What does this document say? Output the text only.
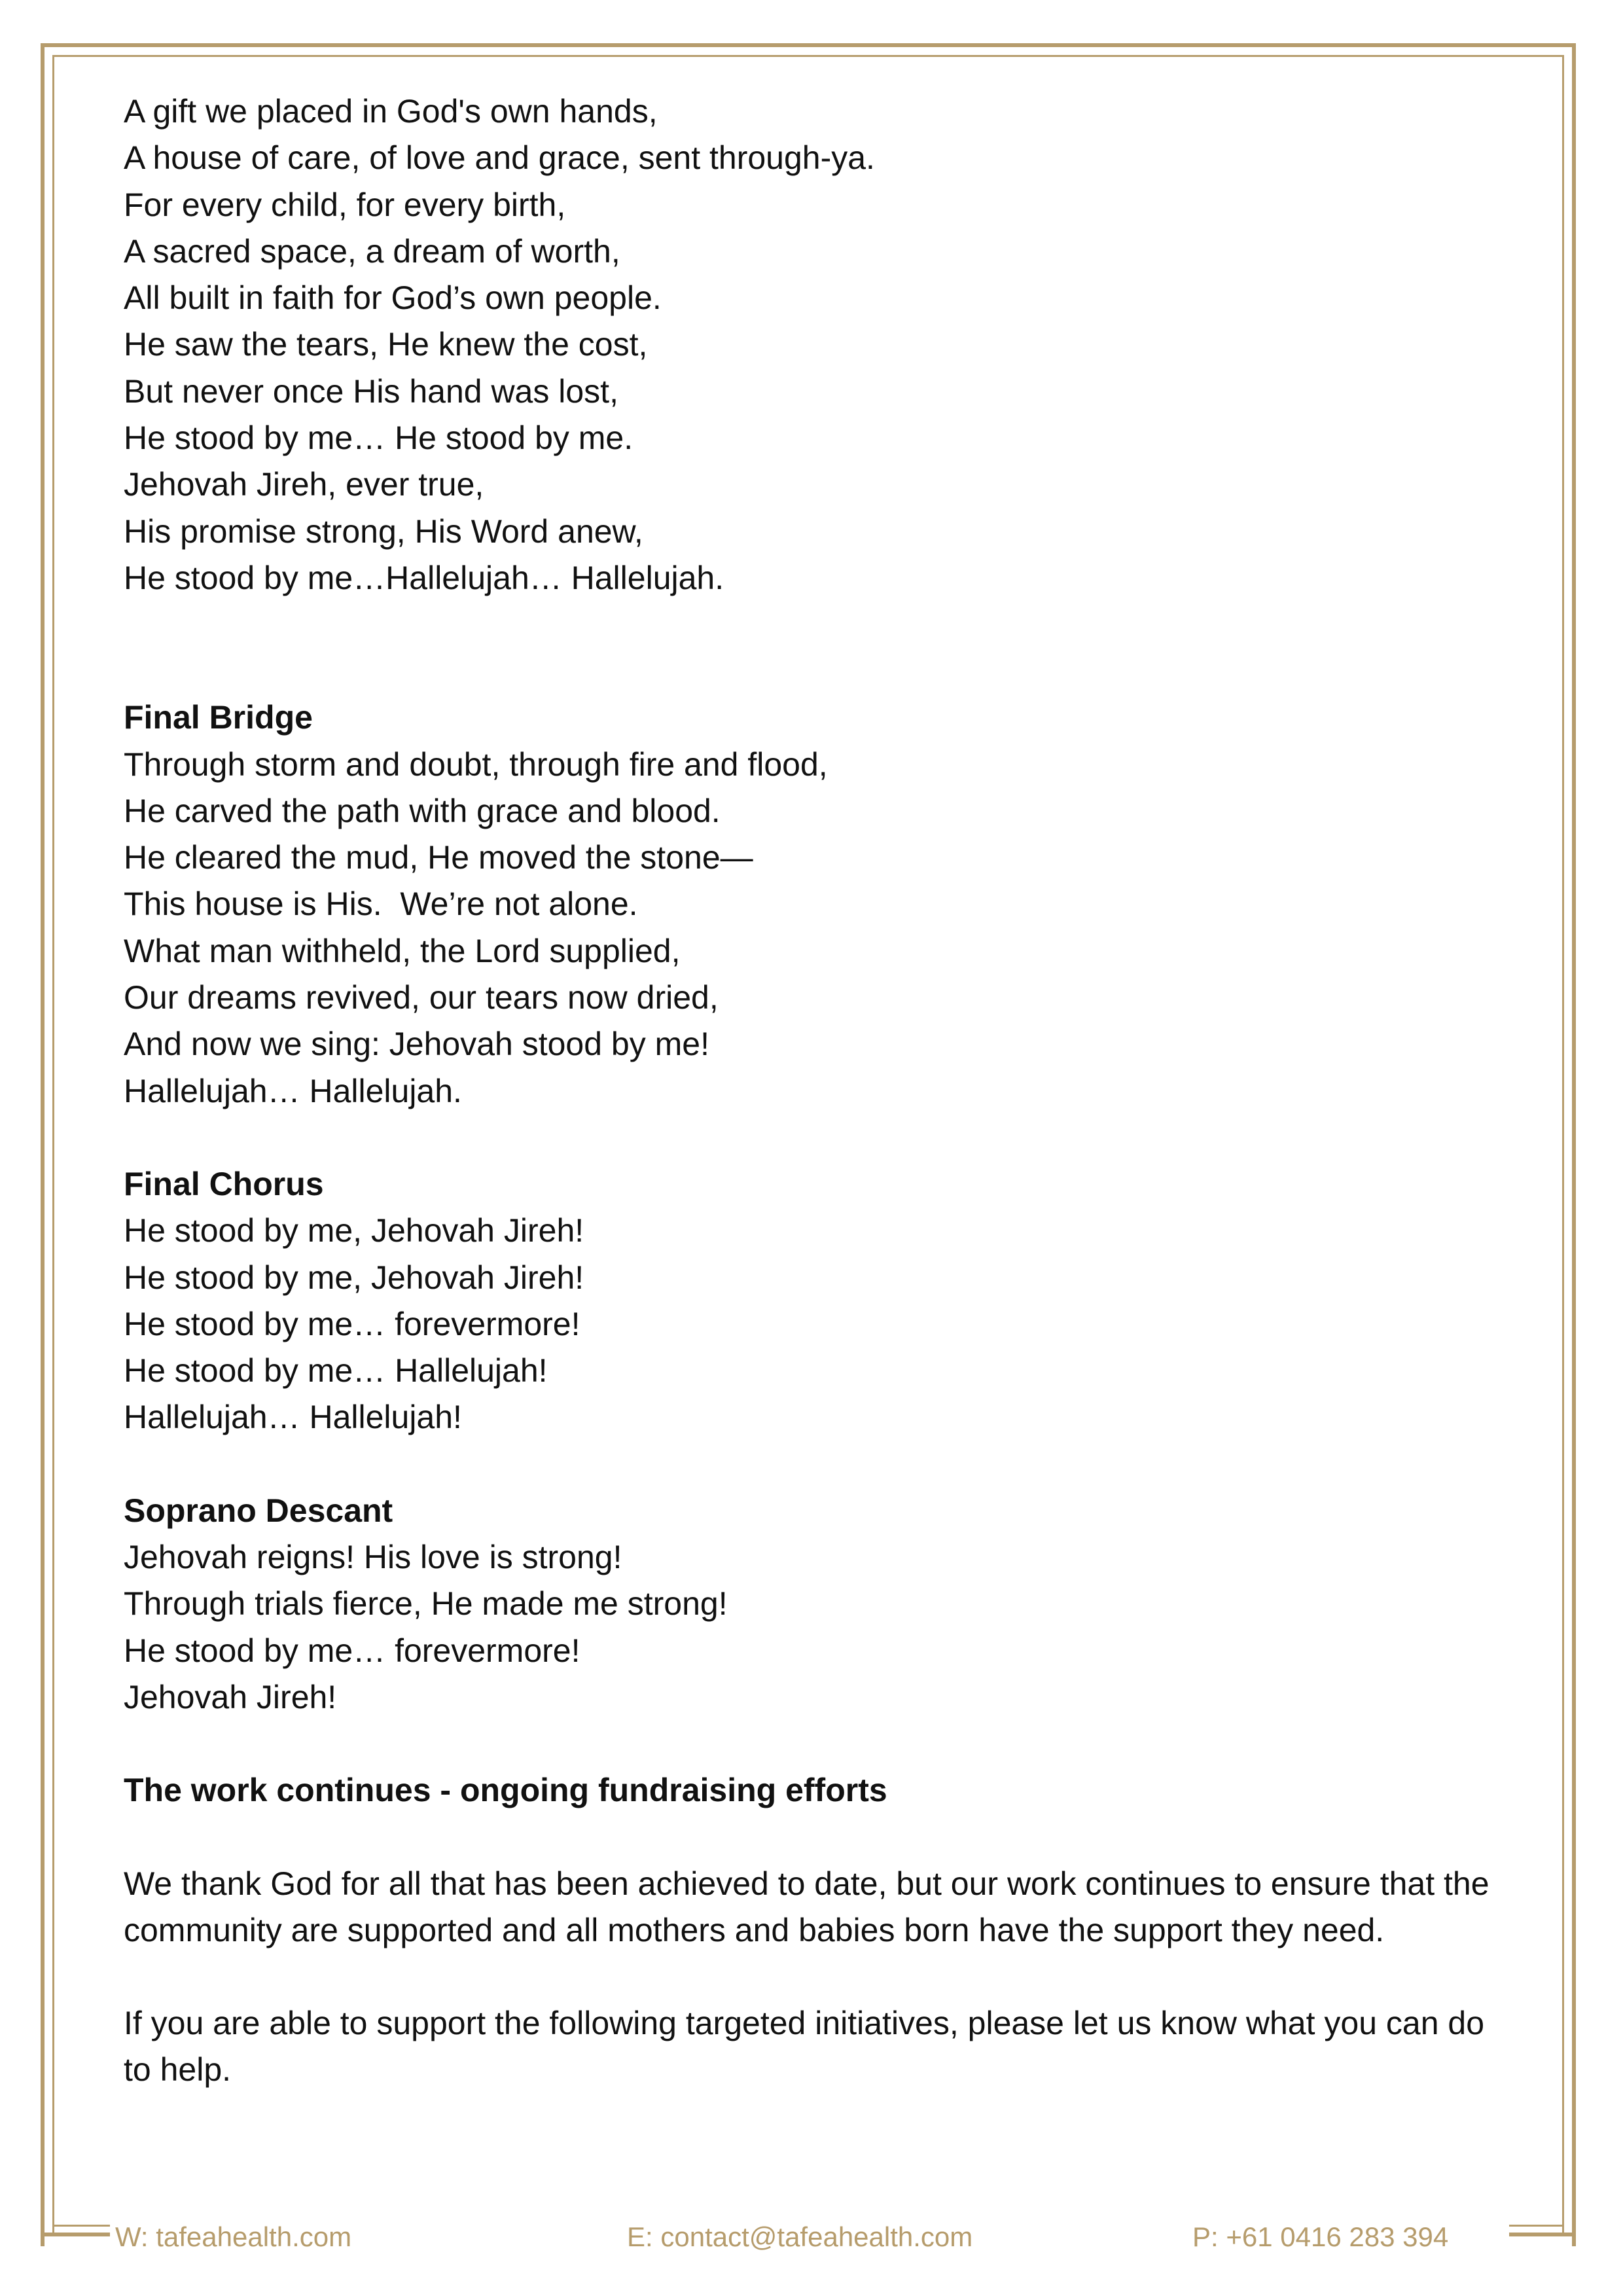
A gift we placed in God's own hands,

A house of care, of love and grace, sent through-ya.

For every child, for every birth,

A sacred space, a dream of worth,

All built in faith for God’s own people.

He saw the tears, He knew the cost,

But never once His hand was lost,

He stood by me… He stood by me.

Jehovah Jireh, ever true,

His promise strong, His Word anew,

He stood by me…Hallelujah… Hallelujah.

Final Bridge

Through storm and doubt, through fire and flood,

He carved the path with grace and blood.

He cleared the mud, He moved the stone—

This house is His.  We’re not alone.

What man withheld, the Lord supplied,

Our dreams revived, our tears now dried,

And now we sing: Jehovah stood by me!

Hallelujah… Hallelujah.

Final Chorus

He stood by me, Jehovah Jireh!

He stood by me, Jehovah Jireh!

He stood by me… forevermore!

He stood by me… Hallelujah!

Hallelujah… Hallelujah!

Soprano Descant

Jehovah reigns! His love is strong!

Through trials fierce, He made me strong!

He stood by me… forevermore!

Jehovah Jireh!

The work continues - ongoing fundraising efforts

We thank God for all that has been achieved to date, but our work continues to ensure that the community are supported and all mothers and babies born have the support they need.

If you are able to support the following targeted initiatives, please let us know what you can do to help.

W: tafeahealth.com	E: contact@tafeahealth.com	P: +61 0416 283 394
